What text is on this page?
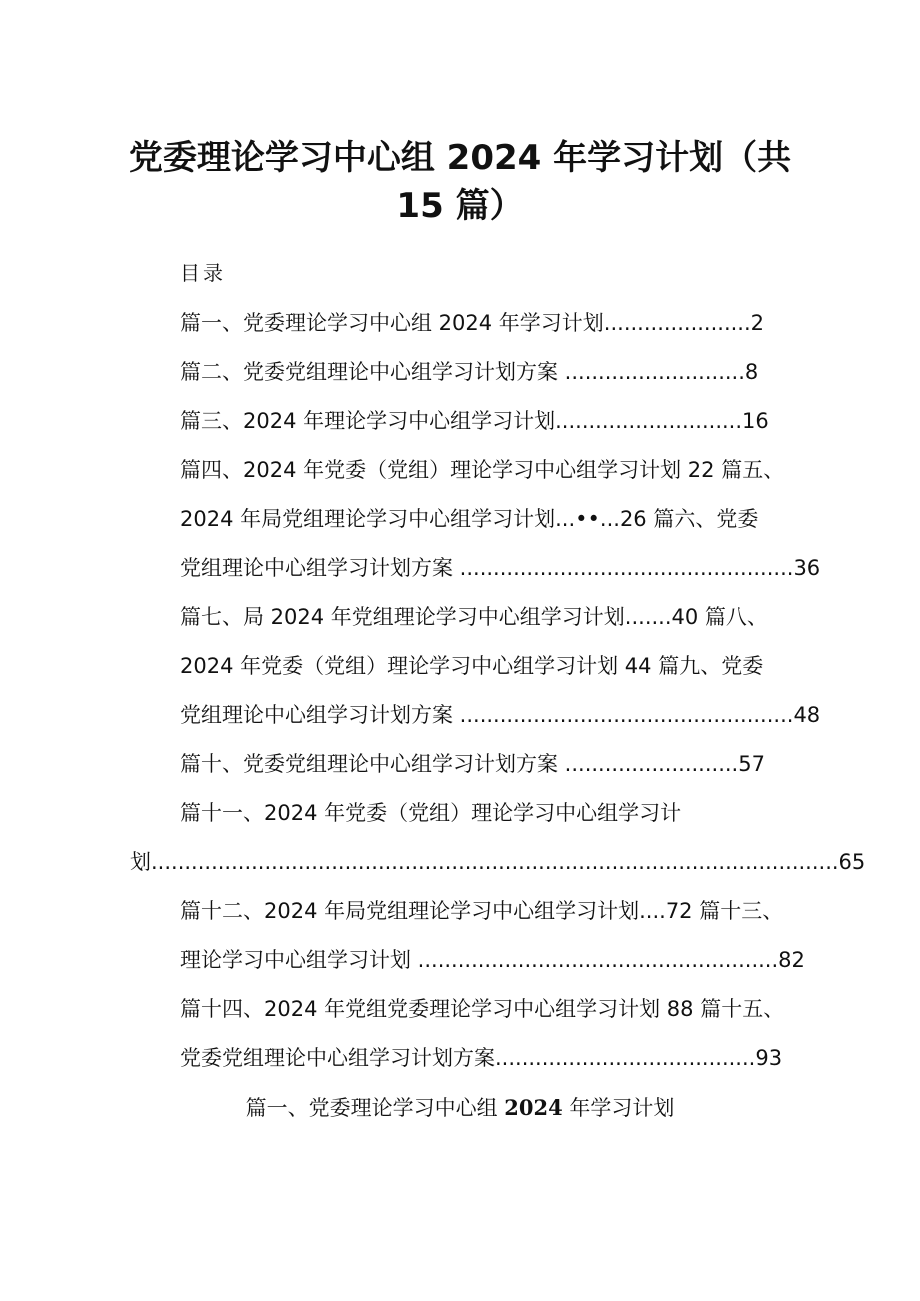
党委理论学习中心组 2024 年学习计划（共
15 篇）
目录
篇一、党委理论学习中心组 2024 年学习计划......................2
篇二、党委党组理论中心组学习计划方案 ...........................8
篇三、2024 年理论学习中心组学习计划............................16
篇四、2024 年党委（党组）理论学习中心组学习计划 22 篇五、
2024 年局党组理论学习中心组学习计划...••...26 篇六、党委
党组理论中心组学习计划方案 ..................................................36
篇七、局 2024 年党组理论学习中心组学习计划.......40 篇八、
2024 年党委（党组）理论学习中心组学习计划 44 篇九、党委
党组理论中心组学习计划方案 ..................................................48
篇十、党委党组理论中心组学习计划方案 ..........................57
篇十一、2024 年党委（党组）理论学习中心组学习计
划.......................................................................................................65
篇十二、2024 年局党组理论学习中心组学习计划....72 篇十三、
理论学习中心组学习计划 ......................................................82
篇十四、2024 年党组党委理论学习中心组学习计划 88 篇十五、
党委党组理论中心组学习计划方案.......................................93
篇一、党委理论学习中心组 2024 年学习计划
